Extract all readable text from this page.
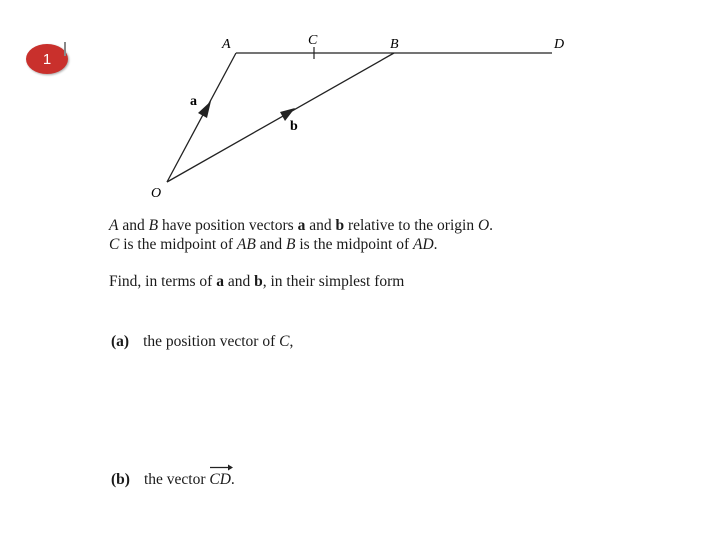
1
A	C	B	D
O
a
b
A and B have position vectors a and b relative to the origin O.
C is the midpoint of AB and B is the midpoint of AD.
Find, in terms of a and b, in their simplest form
(a) the position vector of C,
(b) the vector
CD.
